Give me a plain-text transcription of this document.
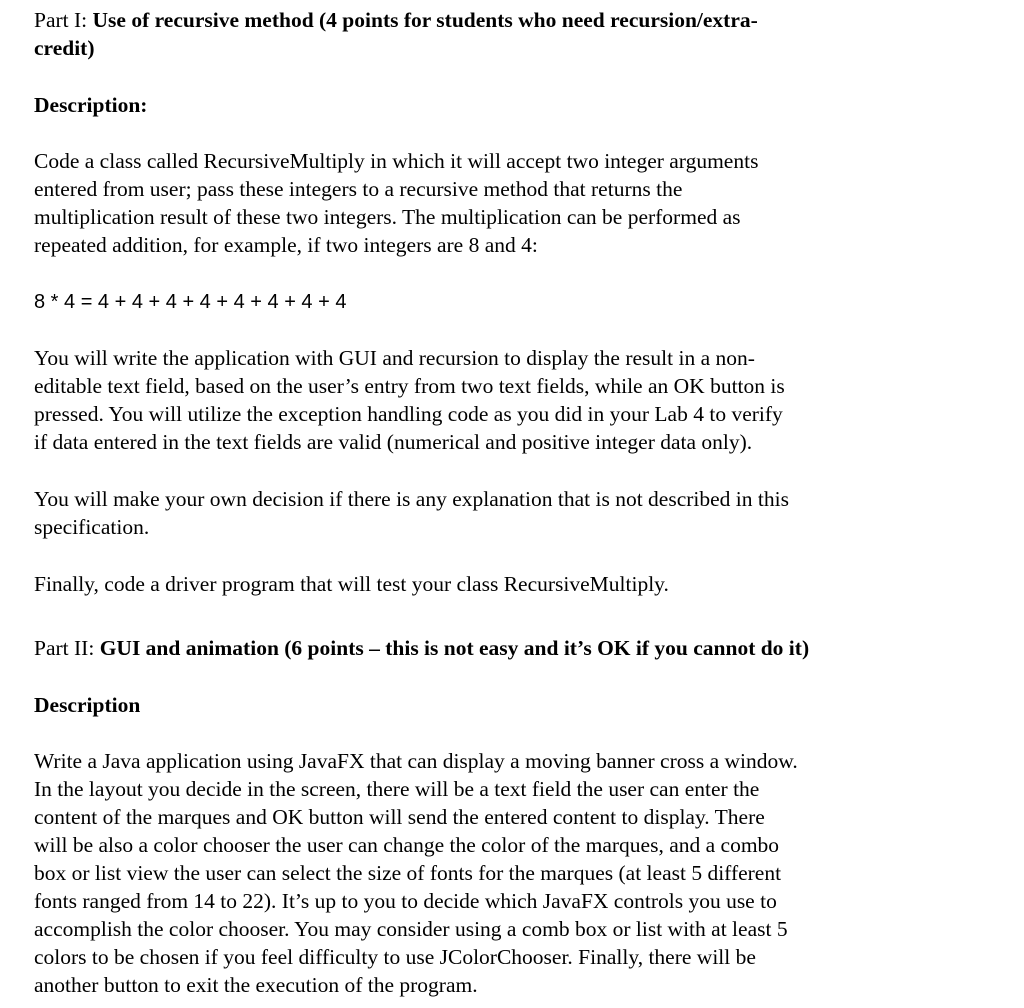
Part I: Use of recursive method (4 points for students who need recursion/extra-
credit)
Description:
Code a class called RecursiveMultiply in which it will accept two integer arguments
entered from user; pass these integers to a recursive method that returns the
multiplication result of these two integers. The multiplication can be performed as
repeated addition, for example, if two integers are 8 and 4:
8 * 4 = 4 + 4 + 4 + 4 + 4 + 4 + 4 + 4
You will write the application with GUI and recursion to display the result in a non-
editable text field, based on the user’s entry from two text fields, while an OK button is
pressed. You will utilize the exception handling code as you did in your Lab 4 to verify
if data entered in the text fields are valid (numerical and positive integer data only).
You will make your own decision if there is any explanation that is not described in this
specification.
Finally, code a driver program that will test your class RecursiveMultiply.
Part II: GUI and animation (6 points – this is not easy and it’s OK if you cannot do it)
Description
Write a Java application using JavaFX that can display a moving banner cross a window.
In the layout you decide in the screen, there will be a text field the user can enter the
content of the marques and OK button will send the entered content to display. There
will be also a color chooser the user can change the color of the marques, and a combo
box or list view the user can select the size of fonts for the marques (at least 5 different
fonts ranged from 14 to 22). It’s up to you to decide which JavaFX controls you use to
accomplish the color chooser. You may consider using a comb box or list with at least 5
colors to be chosen if you feel difficulty to use JColorChooser. Finally, there will be
another button to exit the execution of the program.
